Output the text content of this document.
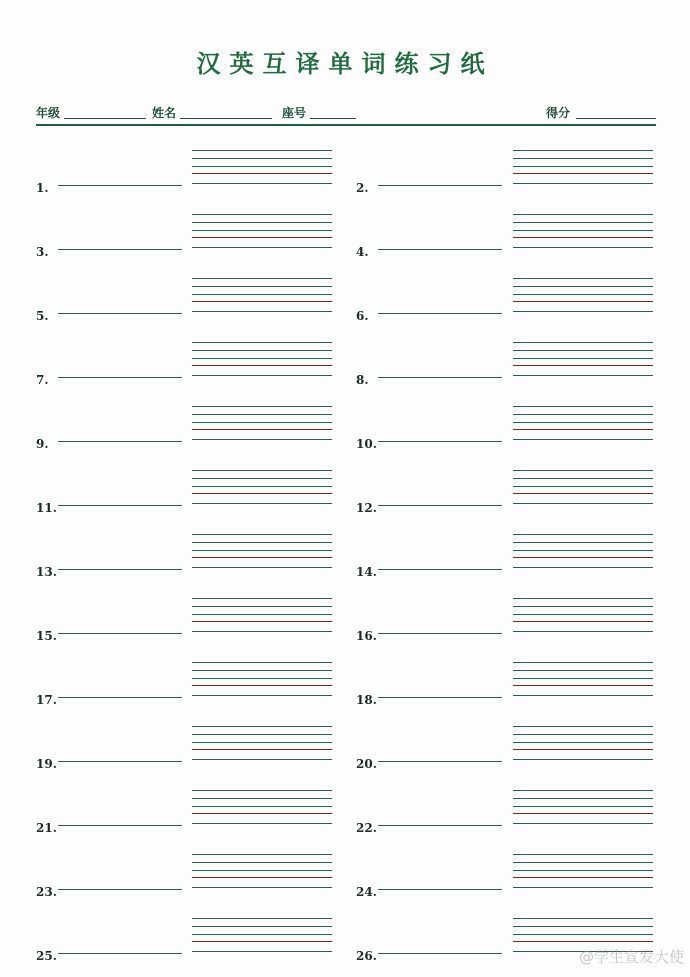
汉英互译单词练习纸
年级	姓名	座号	得分
1.	2.
3.	4.
5.	6.
7.	8.
9.	10.
11.	12.
13.	14.
15.	16.
17.	18.
19.	20.
21.	22.
23.	24.
25.	26.	@学生宣发大使
